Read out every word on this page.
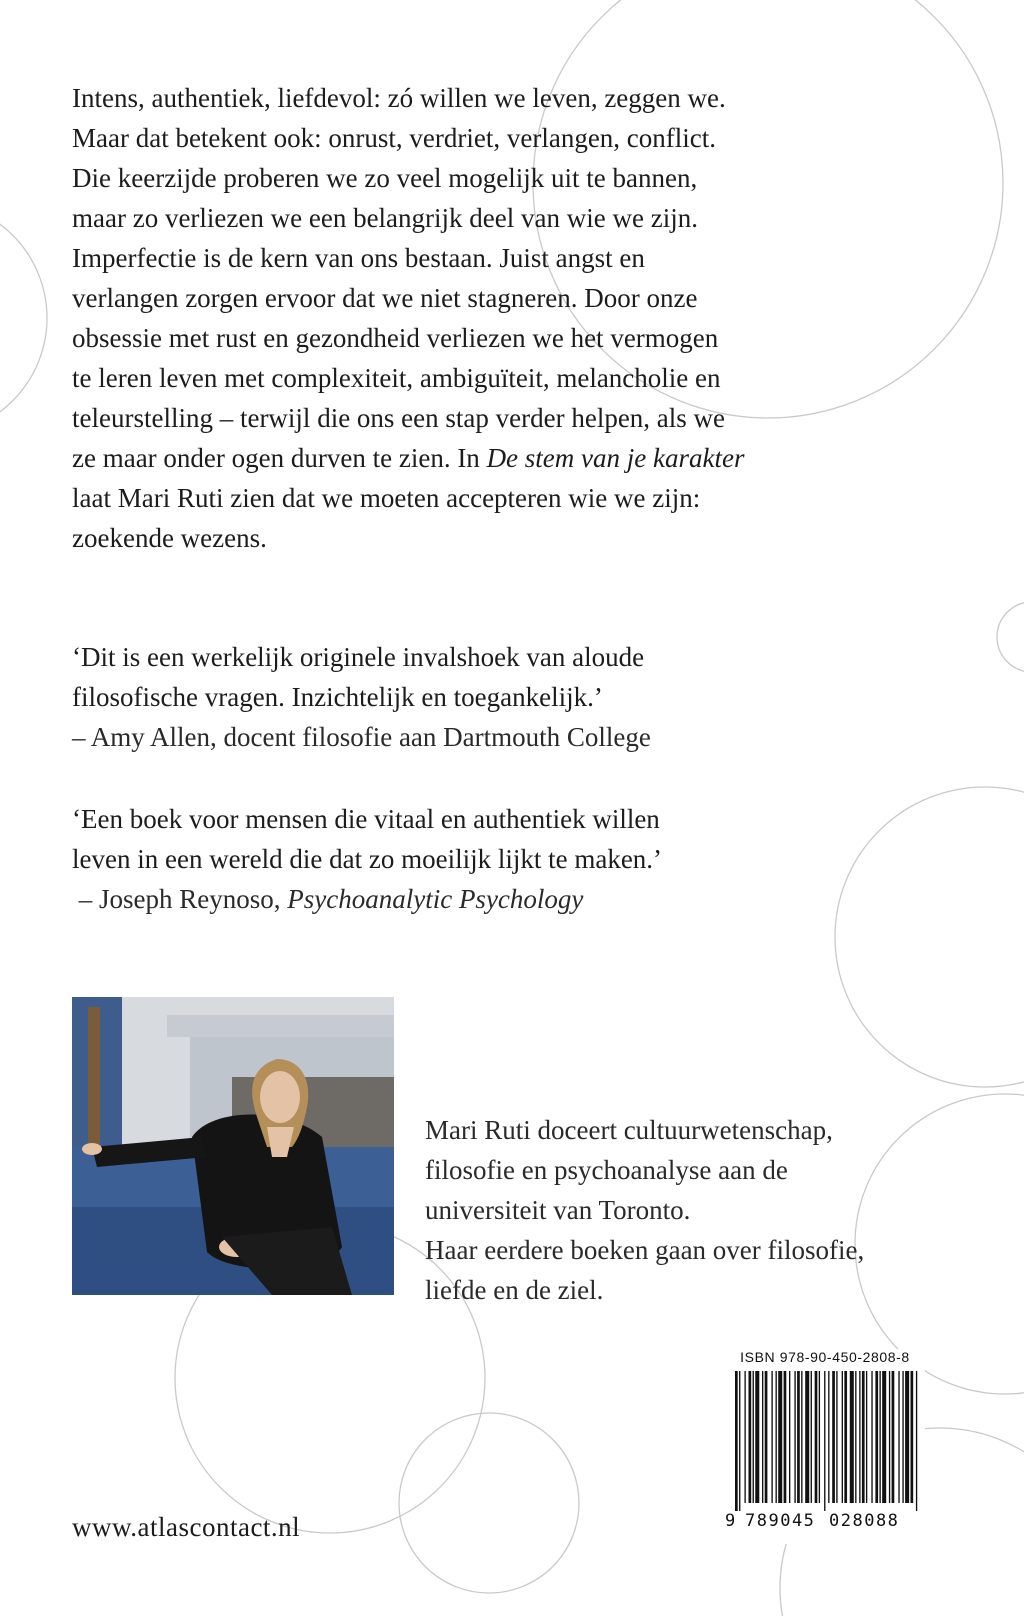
Intens, authentiek, liefdevol: zó willen we leven, zeggen we.
Maar dat betekent ook: onrust, verdriet, verlangen, conflict.
Die keerzijde proberen we zo veel mogelijk uit te bannen,
maar zo verliezen we een belangrijk deel van wie we zijn.
Imperfectie is de kern van ons bestaan. Juist angst en
verlangen zorgen ervoor dat we niet stagneren. Door onze
obsessie met rust en gezondheid verliezen we het vermogen
te leren leven met complexiteit, ambiguïteit, melancholie en
teleurstelling – terwijl die ons een stap verder helpen, als we
ze maar onder ogen durven te zien. In De stem van je karakter
laat Mari Ruti zien dat we moeten accepteren wie we zijn:
zoekende wezens.
‘Dit is een werkelijk originele invalshoek van aloude
filosofische vragen. Inzichtelijk en toegankelijk.’
– Amy Allen, docent filosofie aan Dartmouth College
‘Een boek voor mensen die vitaal en authentiek willen
leven in een wereld die dat zo moeilijk lijkt te maken.’
– Joseph Reynoso, Psychoanalytic Psychology
Mari Ruti doceert cultuurwetenschap,
filosofie en psychoanalyse aan de
universiteit van Toronto.
Haar eerdere boeken gaan over filosofie,
liefde en de ziel.
www.atlascontact.nl
ISBN 978-90-450-2808-8
9 789045 028088
